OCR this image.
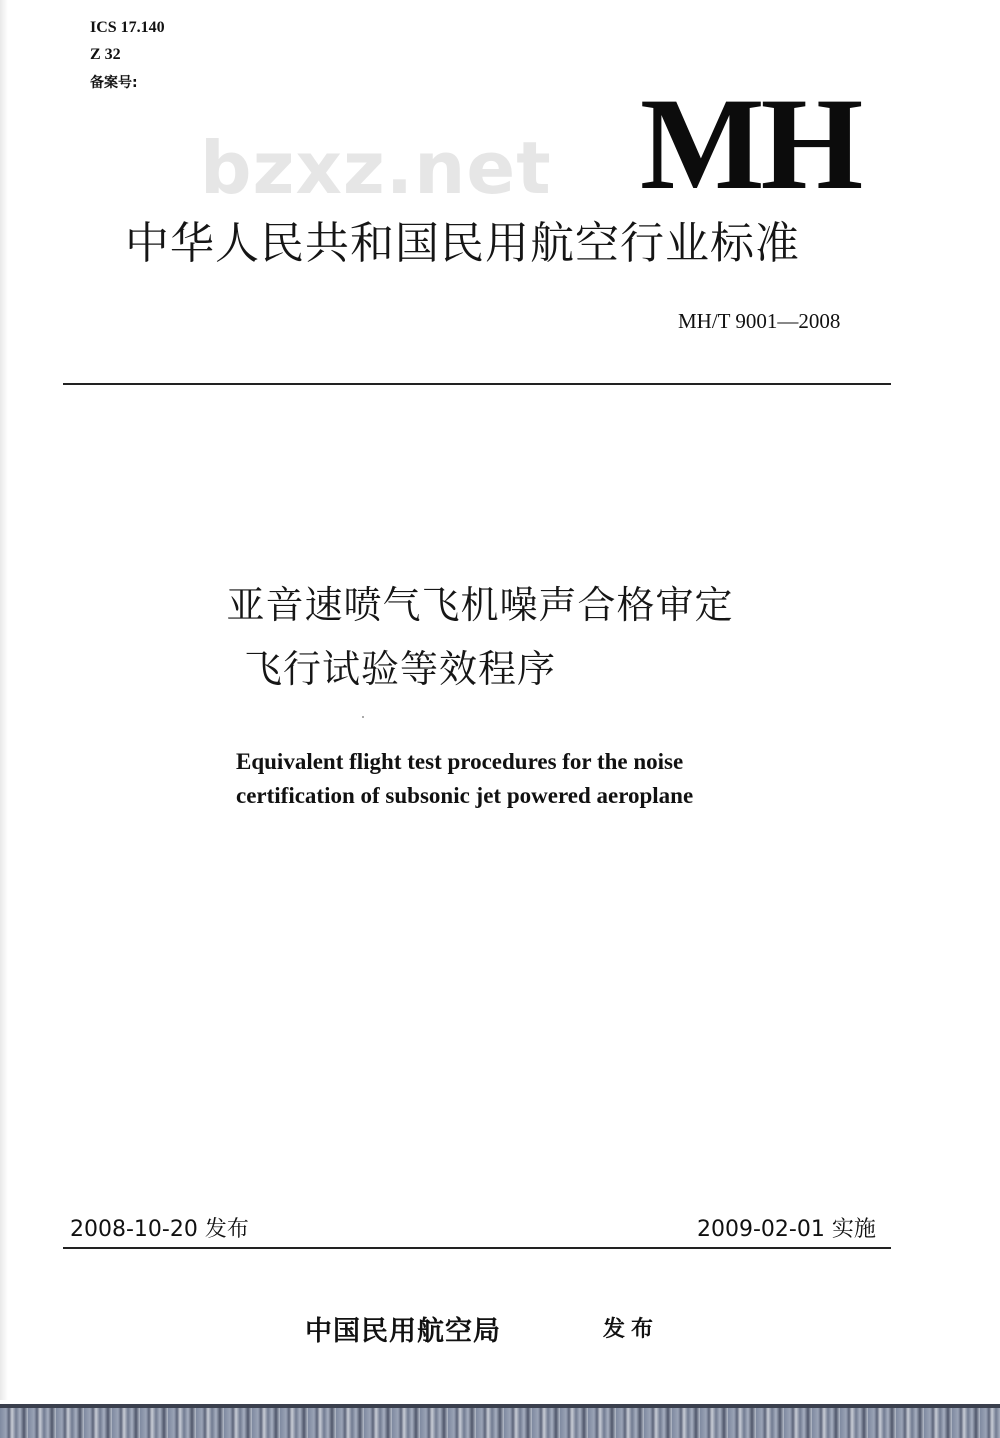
ICS 17.140
Z 32
备案号:
bzxz.net MH
中华人民共和国民用航空行业标准
MH/T 9001—2008
亚音速喷气飞机噪声合格审定
飞行试验等效程序
Equivalent flight test procedures for the noise
certification of subsonic jet powered aeroplane
2008-10-20 发布	2009-02-01 实施
中国民用航空局	发布
